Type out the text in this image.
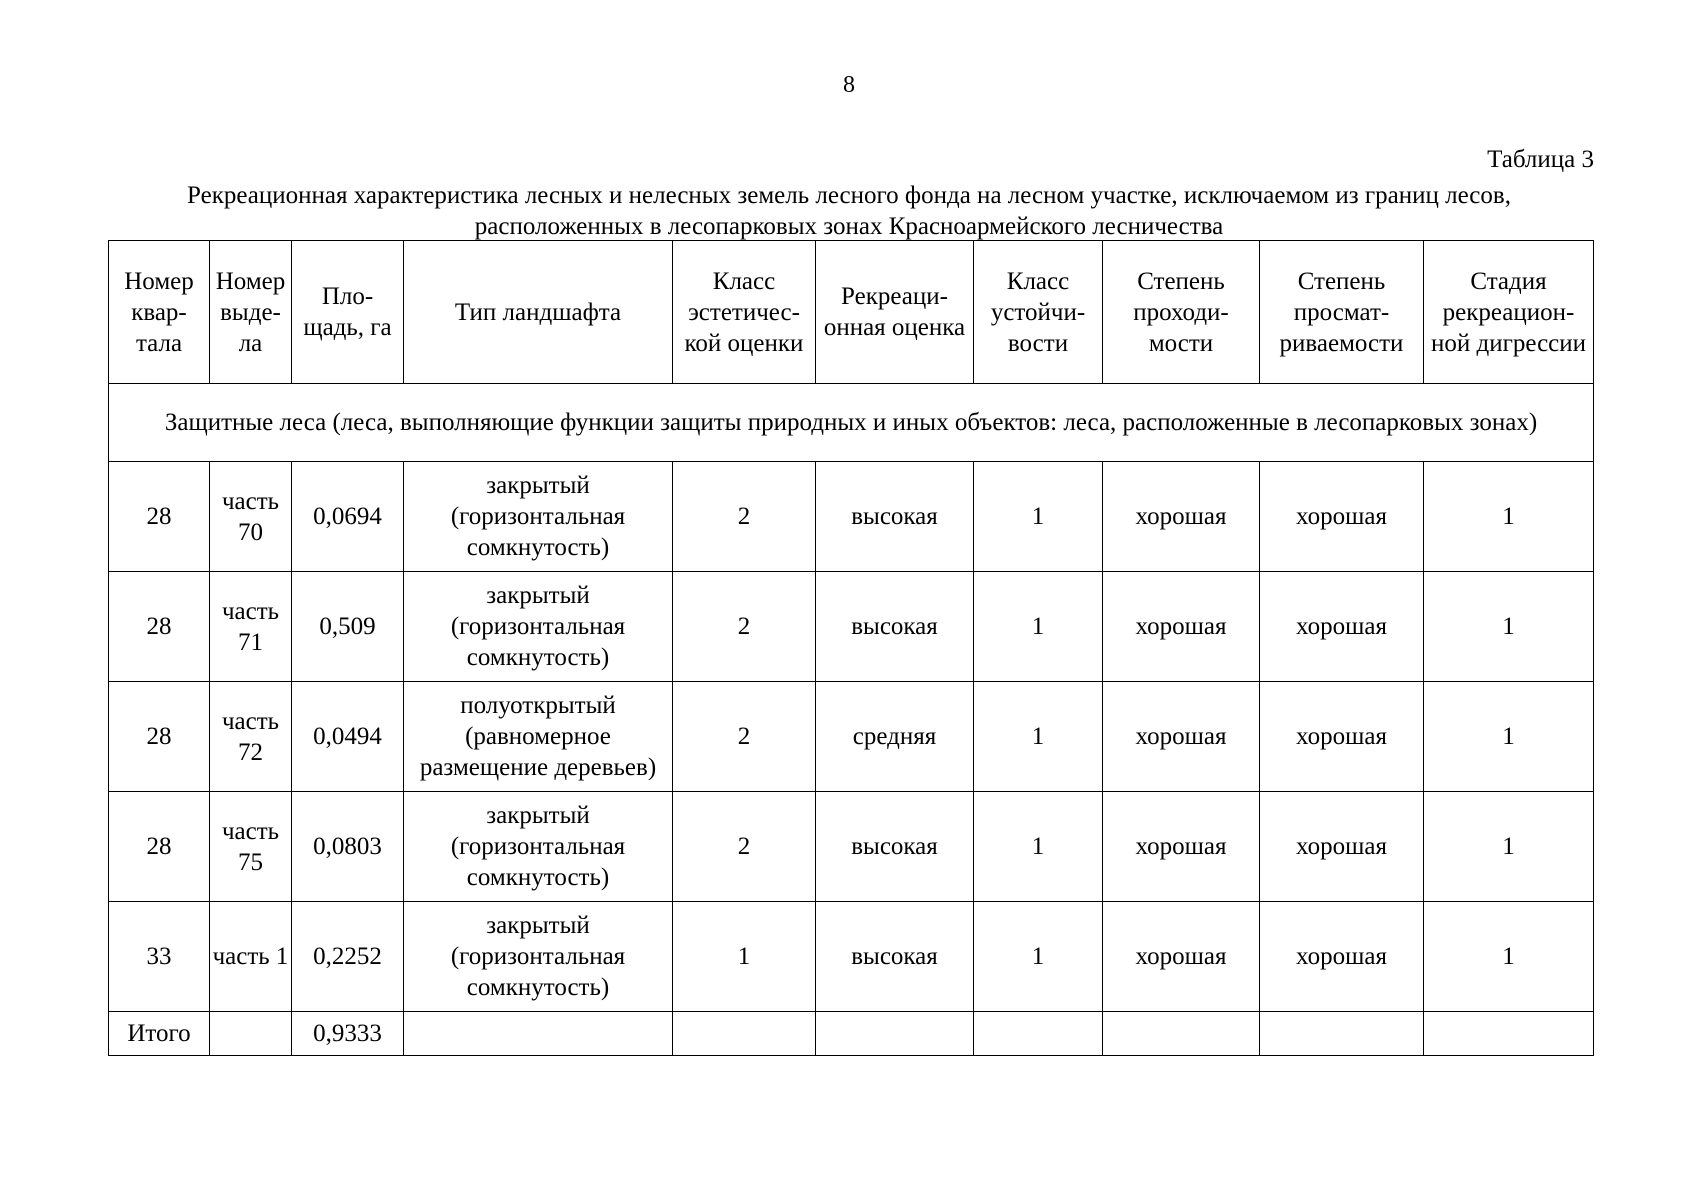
8
Таблица 3
Рекреационная характеристика лесных и нелесных земель лесного фонда на лесном участке, исключаемом из границ лесов, расположенных в лесопарковых зонах Красноармейского лесничества
Номер квар-тала	Номер выде-ла	Пло-щадь, га	Тип ландшафта	Класс эстетичес-кой оценки	Рекреаци-онная оценка	Класс устойчи-вости	Степень проходи-мости	Степень просмат-риваемости	Стадия рекреацион-ной дигрессии
Защитные леса (леса, выполняющие функции защиты природных и иных объектов: леса, расположенные в лесопарковых зонах)									
28	часть 70	0,0694	закрытый (горизонтальная сомкнутость)	2	высокая	1	хорошая	хорошая	1
28	часть 71	0,509	закрытый (горизонтальная сомкнутость)	2	высокая	1	хорошая	хорошая	1
28	часть 72	0,0494	полуоткрытый (равномерное размещение деревьев)	2	средняя	1	хорошая	хорошая	1
28	часть 75	0,0803	закрытый (горизонтальная сомкнутость)	2	высокая	1	хорошая	хорошая	1
33	часть 1	0,2252	закрытый (горизонтальная сомкнутость)	1	высокая	1	хорошая	хорошая	1
Итого		0,9333							
